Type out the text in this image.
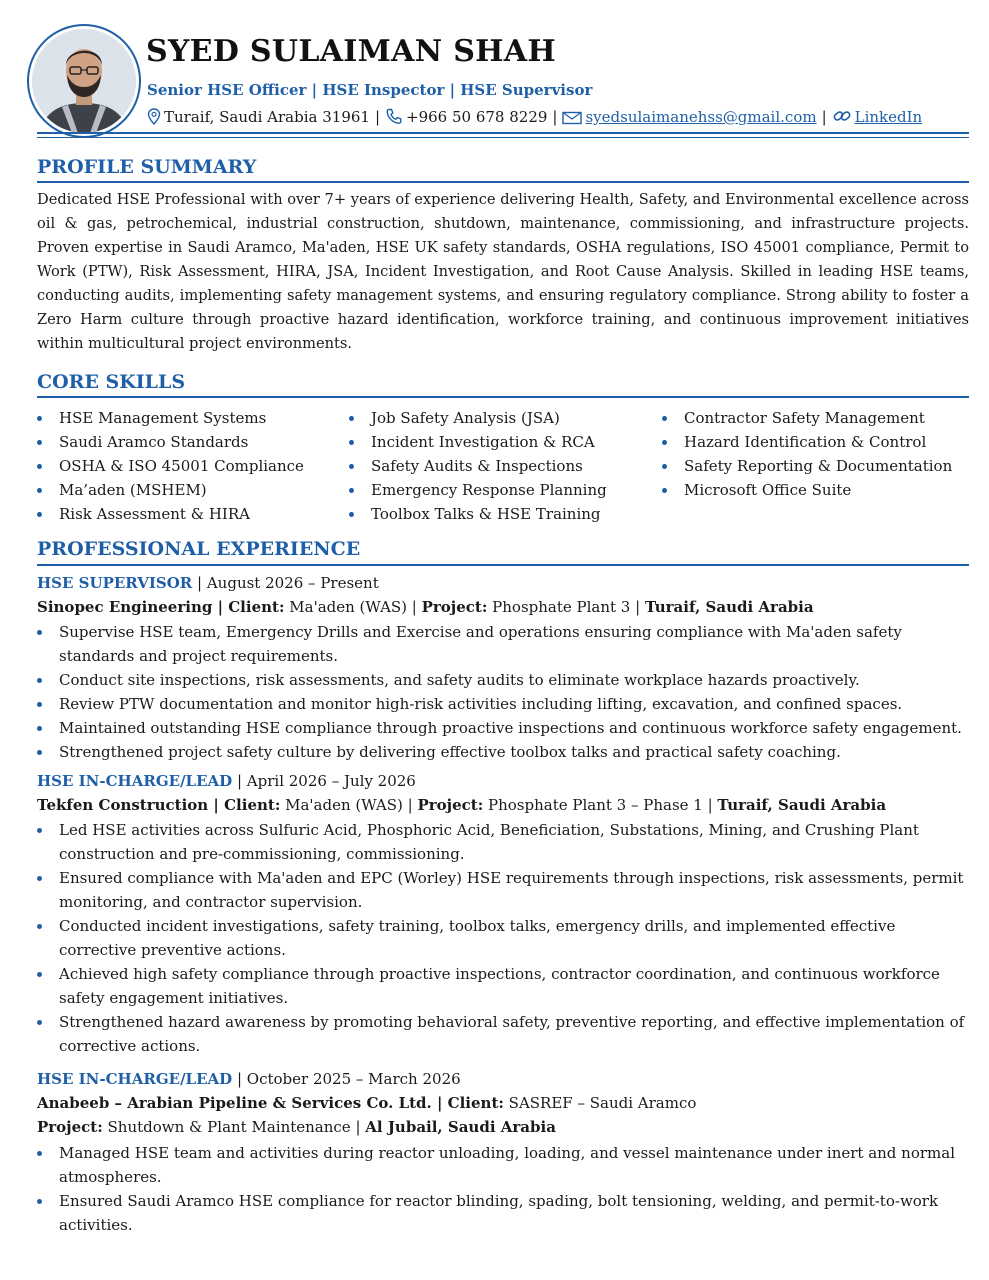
SYED SULAIMAN SHAH
Senior HSE Officer | HSE Inspector | HSE Supervisor
Turaif, Saudi Arabia 31961 | +966 50 678 8229 | syedsulaimanehss@gmail.com | LinkedIn
PROFILE SUMMARY

Dedicated HSE Professional with over 7+ years of experience delivering Health, Safety, and Environmental excellence across oil & gas, petrochemical, industrial construction, shutdown, maintenance, commissioning, and infrastructure projects. Proven expertise in Saudi Aramco, Ma'aden, HSE UK safety standards, OSHA regulations, ISO 45001 compliance, Permit to Work (PTW), Risk Assessment, HIRA, JSA, Incident Investigation, and Root Cause Analysis. Skilled in leading HSE teams, conducting audits, implementing safety management systems, and ensuring regulatory compliance. Strong ability to foster a Zero Harm culture through proactive hazard identification, workforce training, and continuous improvement initiatives within multicultural project environments.

CORE SKILLS
HSE Management Systems
Saudi Aramco Standards
OSHA & ISO 45001 Compliance
Ma’aden (MSHEM)
Risk Assessment & HIRA
Job Safety Analysis (JSA)
Incident Investigation & RCA
Safety Audits & Inspections
Emergency Response Planning
Toolbox Talks & HSE Training
Contractor Safety Management
Hazard Identification & Control
Safety Reporting & Documentation
Microsoft Office Suite
PROFESSIONAL EXPERIENCE
HSE SUPERVISOR | August 2026 – Present
Sinopec Engineering | Client: Ma'aden (WAS) | Project: Phosphate Plant 3 | Turaif, Saudi Arabia
Supervise HSE team, Emergency Drills and Exercise and operations ensuring compliance with Ma'aden safety standards and project requirements.
Conduct site inspections, risk assessments, and safety audits to eliminate workplace hazards proactively.
Review PTW documentation and monitor high-risk activities including lifting, excavation, and confined spaces.
Maintained outstanding HSE compliance through proactive inspections and continuous workforce safety engagement.
Strengthened project safety culture by delivering effective toolbox talks and practical safety coaching.
HSE IN-CHARGE/LEAD | April 2026 – July 2026
Tekfen Construction | Client: Ma'aden (WAS) | Project: Phosphate Plant 3 – Phase 1 | Turaif, Saudi Arabia
Led HSE activities across Sulfuric Acid, Phosphoric Acid, Beneficiation, Substations, Mining, and Crushing Plant construction and pre-commissioning, commissioning.
Ensured compliance with Ma'aden and EPC (Worley) HSE requirements through inspections, risk assessments, permit monitoring, and contractor supervision.
Conducted incident investigations, safety training, toolbox talks, emergency drills, and implemented effective corrective preventive actions.
Achieved high safety compliance through proactive inspections, contractor coordination, and continuous workforce safety engagement initiatives.
Strengthened hazard awareness by promoting behavioral safety, preventive reporting, and effective implementation of corrective actions.
HSE IN-CHARGE/LEAD | October 2025 – March 2026
Anabeeb – Arabian Pipeline & Services Co. Ltd. | Client: SASREF – Saudi Aramco
Project: Shutdown & Plant Maintenance | Al Jubail, Saudi Arabia
Managed HSE team and activities during reactor unloading, loading, and vessel maintenance under inert and normal atmospheres.
Ensured Saudi Aramco HSE compliance for reactor blinding, spading, bolt tensioning, welding, and permit-to-work activities.
